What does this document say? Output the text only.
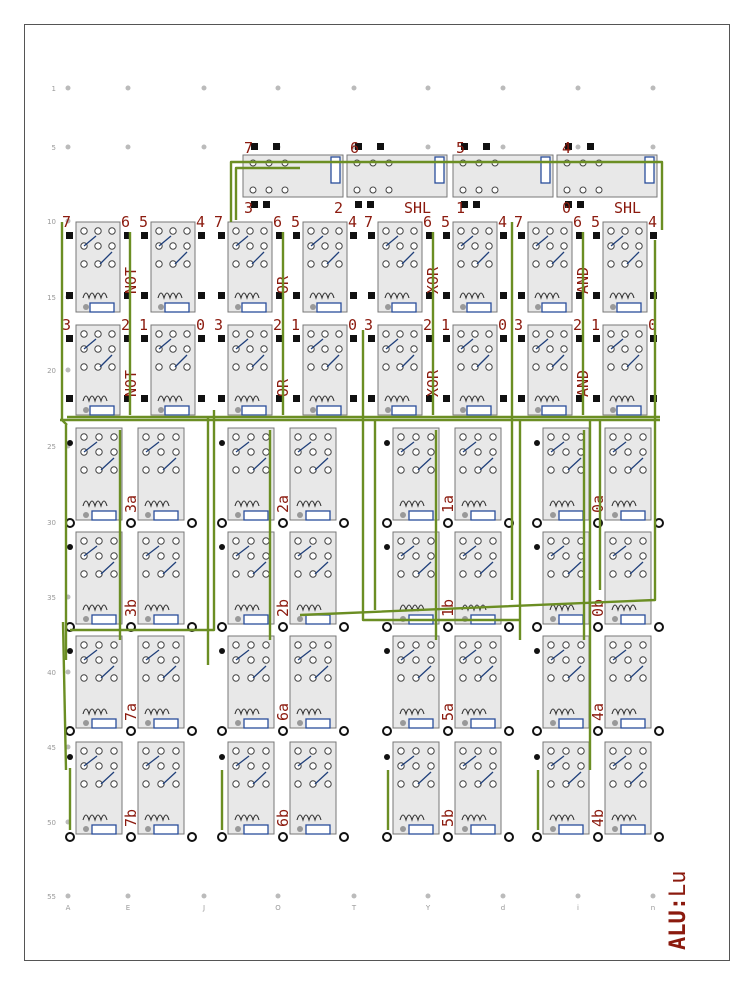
1
5
10
15
20
25
30
35
40
45
50
55
A	E	J	O	T	Y	d	i	n
7	6	5	4
3	2	1	0
SHL	SHL
7	6 5	4
NOT
3	2 1	0
NOT
7	6 5	4
OR
3	2 1	0
OR
7	6 5	4
XOR
3	2 1	0
XOR
7	6 5	4
AND
3	2 1	0
AND
3a	2a	1a	0a
3b	2b	1b	0b
7a	6a	5a	4a
7b	6b	5b	4b
ALU:Lu
